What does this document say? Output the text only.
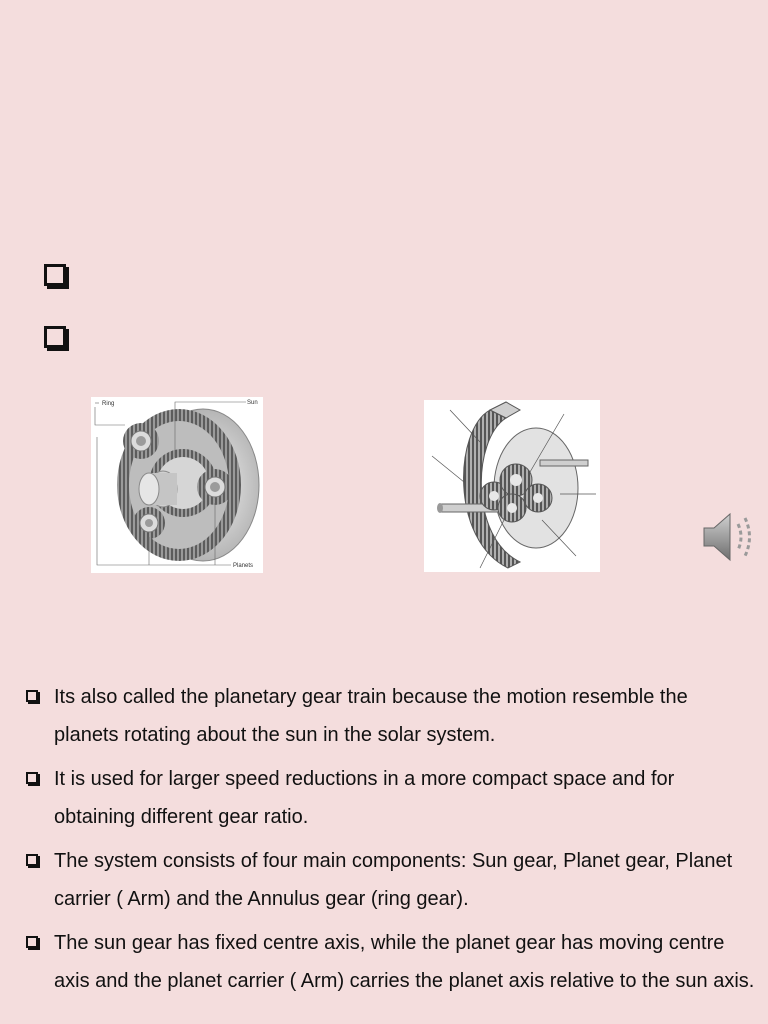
Ring	Sun
Planets
Its also called the planetary gear train because the motion resemble the planets rotating about the sun in the solar system.
It is used for larger speed reductions in a more compact space and for obtaining different gear ratio.
The system consists of four main components: Sun gear, Planet gear, Planet carrier ( Arm) and the Annulus gear (ring gear).
The sun gear has fixed centre axis, while the planet gear has moving centre axis and the planet carrier ( Arm) carries the planet axis relative to the sun axis.
